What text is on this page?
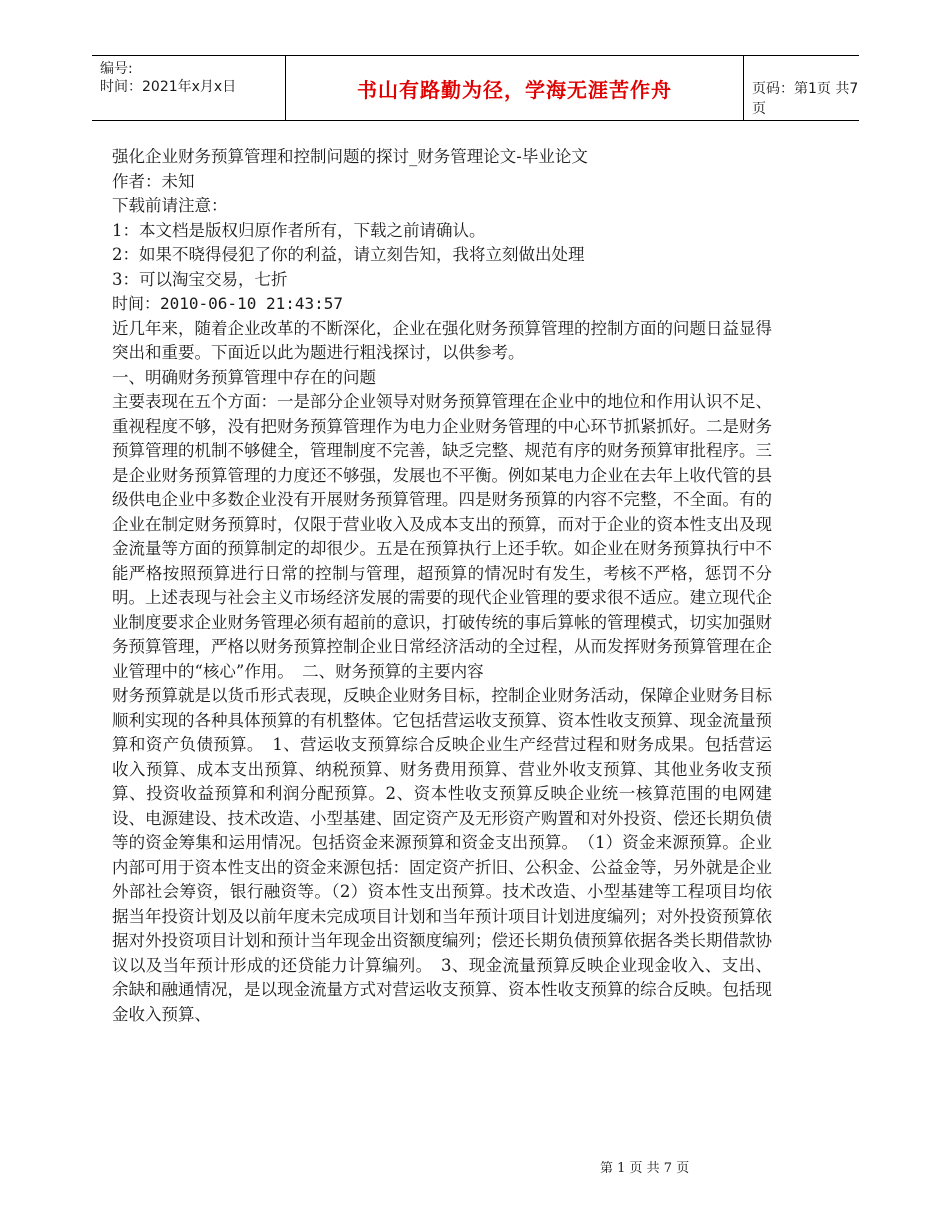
编号:
时间：2021年x月x日	书山有路勤为径，学海无涯苦作舟	页码：第1页 共7页

强化企业财务预算管理和控制问题的探讨_财务管理论文-毕业论文

作者：未知

下载前请注意：

1：本文档是版权归原作者所有，下载之前请确认。

2：如果不晓得侵犯了你的利益，请立刻告知，我将立刻做出处理

3：可以淘宝交易，七折

时间：2010-06-10 21:43:57

近几年来，随着企业改革的不断深化，企业在强化财务预算管理的控制方面的问题日益显得突出和重要。下面近以此为题进行粗浅探讨，以供参考。

一、明确财务预算管理中存在的问题

主要表现在五个方面：一是部分企业领导对财务预算管理在企业中的地位和作用认识不足、重视程度不够，没有把财务预算管理作为电力企业财务管理的中心环节抓紧抓好。二是财务预算管理的机制不够健全，管理制度不完善，缺乏完整、规范有序的财务预算审批程序。三是企业财务预算管理的力度还不够强，发展也不平衡。例如某电力企业在去年上收代管的县级供电企业中多数企业没有开展财务预算管理。四是财务预算的内容不完整，不全面。有的企业在制定财务预算时，仅限于营业收入及成本支出的预算，而对于企业的资本性支出及现金流量等方面的预算制定的却很少。五是在预算执行上还手软。如企业在财务预算执行中不能严格按照预算进行日常的控制与管理，超预算的情况时有发生，考核不严格，惩罚不分明。上述表现与社会主义市场经济发展的需要的现代企业管理的要求很不适应。建立现代企业制度要求企业财务管理必须有超前的意识，打破传统的事后算帐的管理模式，切实加强财务预算管理，严格以财务预算控制企业日常经济活动的全过程，从而发挥财务预算管理在企业管理中的“核心”作用。　二、财务预算的主要内容

财务预算就是以货币形式表现，反映企业财务目标，控制企业财务活动，保障企业财务目标顺利实现的各种具体预算的有机整体。它包括营运收支预算、资本性收支预算、现金流量预算和资产负债预算。　1、营运收支预算综合反映企业生产经营过程和财务成果。包括营运收入预算、成本支出预算、纳税预算、财务费用预算、营业外收支预算、其他业务收支预算、投资收益预算和利润分配预算。2、资本性收支预算反映企业统一核算范围的电网建设、电源建设、技术改造、小型基建、固定资产及无形资产购置和对外投资、偿还长期负债等的资金筹集和运用情况。包括资金来源预算和资金支出预算。　（1）资金来源预算。企业内部可用于资本性支出的资金来源包括：固定资产折旧、公积金、公益金等，另外就是企业外部社会筹资，银行融资等。（2）资本性支出预算。技术改造、小型基建等工程项目均依据当年投资计划及以前年度未完成项目计划和当年预计项目计划进度编列；对外投资预算依据对外投资项目计划和预计当年现金出资额度编列；偿还长期负债预算依据各类长期借款协议以及当年预计形成的还贷能力计算编列。　3、现金流量预算反映企业现金收入、支出、余缺和融通情况，是以现金流量方式对营运收支预算、资本性收支预算的综合反映。包括现金收入预算、

第 1 页 共 7 页
